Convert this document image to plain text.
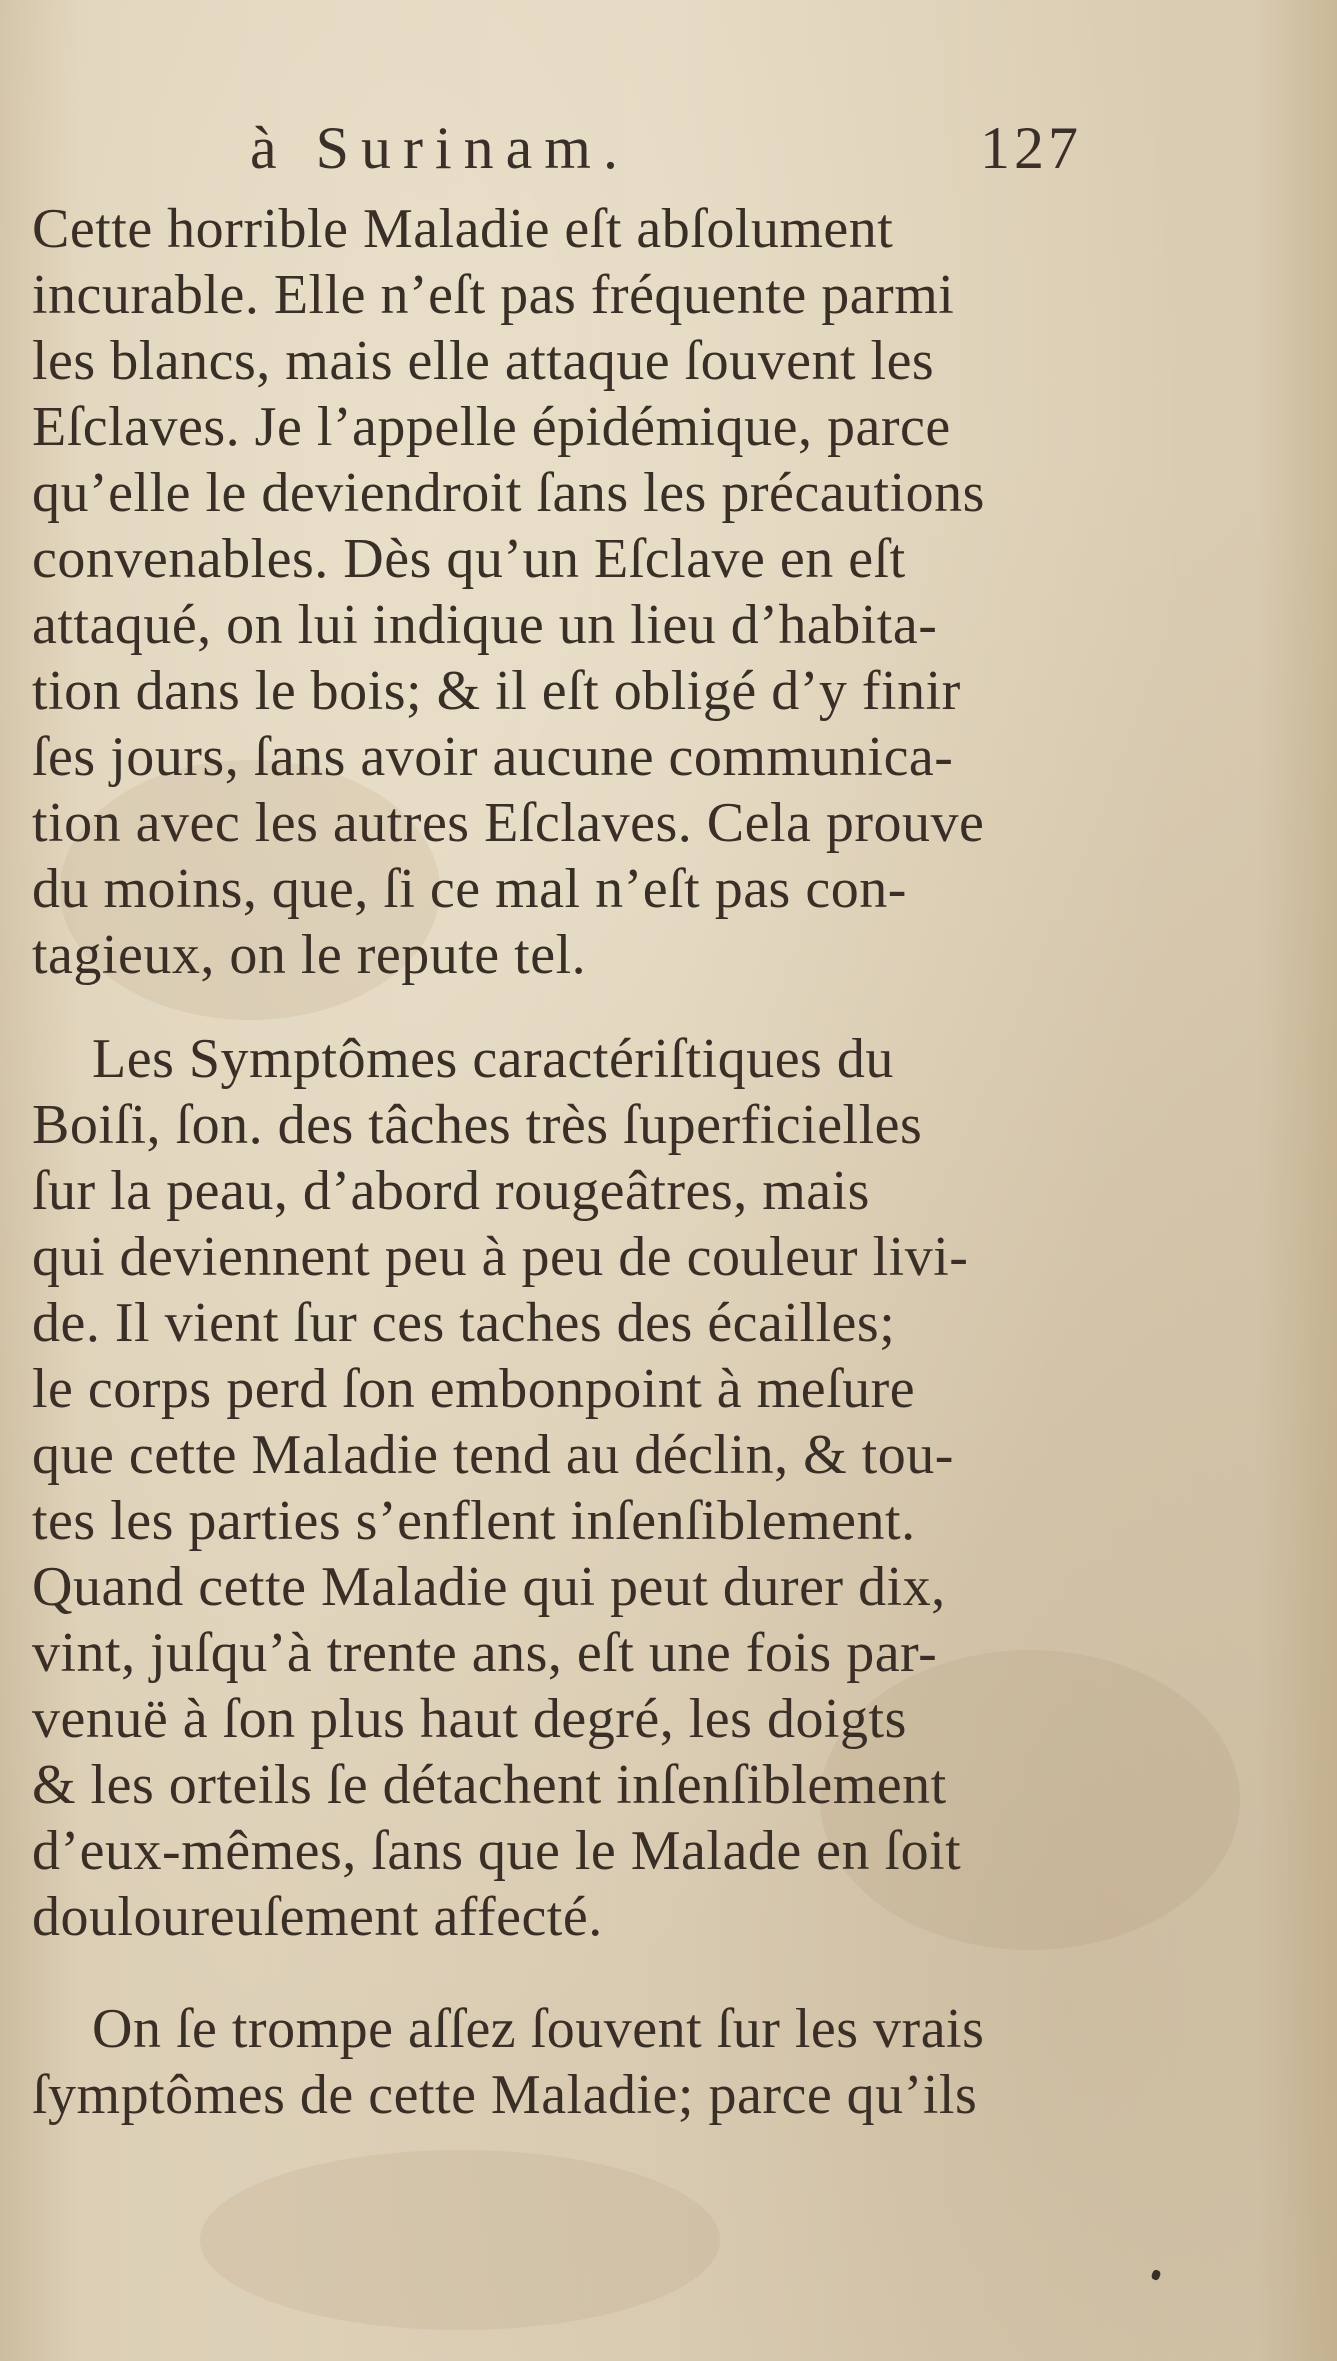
à Surinam.	127
Cette horrible Maladie eſt abſolument
incurable. Elle n’eſt pas fréquente parmi
les blancs, mais elle attaque ſouvent les
Eſclaves. Je l’appelle épidémique, parce
qu’elle le deviendroit ſans les précautions
convenables. Dès qu’un Eſclave en eſt
attaqué, on lui indique un lieu d’habita-
tion dans le bois; & il eſt obligé d’y finir
ſes jours, ſans avoir aucune communica-
tion avec les autres Eſclaves. Cela prouve
du moins, que, ſi ce mal n’eſt pas con-
tagieux, on le repute tel.
Les Symptômes caractériſtiques du
Boiſi, ſon. des tâches très ſuperficielles
ſur la peau, d’abord rougeâtres, mais
qui deviennent peu à peu de couleur livi-
de. Il vient ſur ces taches des écailles;
le corps perd ſon embonpoint à meſure
que cette Maladie tend au déclin, & tou-
tes les parties s’enflent inſenſiblement.
Quand cette Maladie qui peut durer dix,
vint, juſqu’à trente ans, eſt une fois par-
venuë à ſon plus haut degré, les doigts
& les orteils ſe détachent inſenſiblement
d’eux-mêmes, ſans que le Malade en ſoit
douloureuſement affecté.
On ſe trompe aſſez ſouvent ſur les vrais
ſymptômes de cette Maladie; parce qu’ils
